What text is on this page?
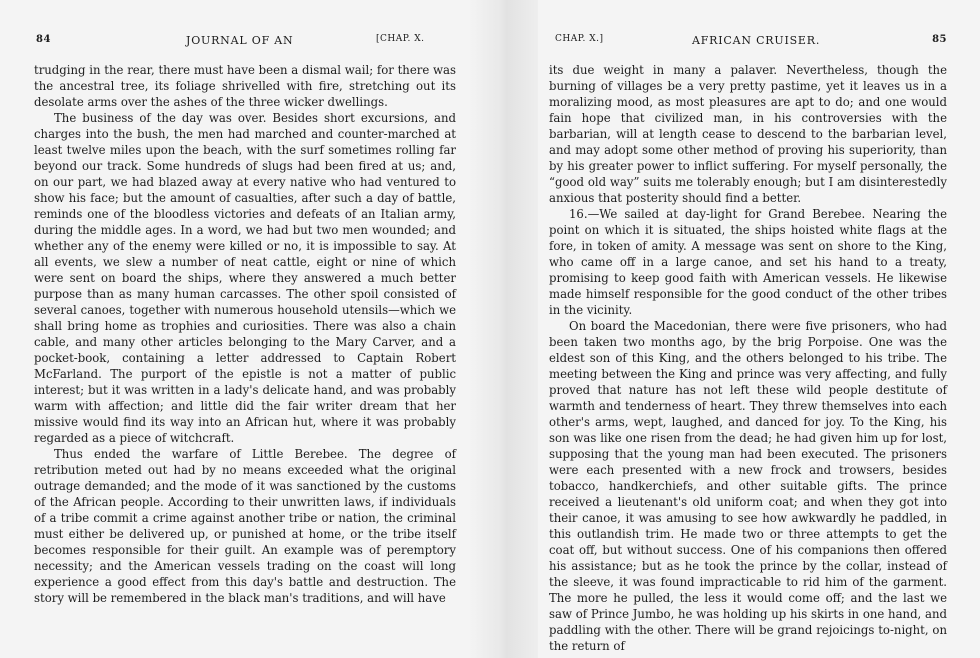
84	JOURNAL OF AN	[CHAP. X.

trudging in the rear, there must have been a dismal wail; for there was the ancestral tree, its foliage shrivelled with fire, stretching out its desolate arms over the ashes of the three wicker dwellings.

The business of the day was over. Besides short excursions, and charges into the bush, the men had marched and counter-marched at least twelve miles upon the beach, with the surf sometimes rolling far beyond our track. Some hundreds of slugs had been fired at us; and, on our part, we had blazed away at every native who had ventured to show his face; but the amount of casualties, after such a day of battle, reminds one of the bloodless victories and defeats of an Italian army, during the middle ages. In a word, we had but two men wounded; and whether any of the enemy were killed or no, it is impossible to say. At all events, we slew a number of neat cattle, eight or nine of which were sent on board the ships, where they answered a much better purpose than as many human carcasses. The other spoil consisted of several canoes, together with numerous household utensils—which we shall bring home as trophies and curiosities. There was also a chain cable, and many other articles belonging to the Mary Carver, and a pocket-book, containing a letter addressed to Captain Robert McFarland. The purport of the epistle is not a matter of public interest; but it was written in a lady's delicate hand, and was probably warm with affection; and little did the fair writer dream that her missive would find its way into an African hut, where it was probably regarded as a piece of witchcraft.

Thus ended the warfare of Little Berebee. The degree of retribution meted out had by no means exceeded what the original outrage demanded; and the mode of it was sanctioned by the customs of the African people. According to their unwritten laws, if individuals of a tribe commit a crime against another tribe or nation, the criminal must either be delivered up, or punished at home, or the tribe itself becomes responsible for their guilt. An example was of peremptory necessity; and the American vessels trading on the coast will long experience a good effect from this day's battle and destruction. The story will be remembered in the black man's traditions, and will have

CHAP. X.]	AFRICAN CRUISER.	85

its due weight in many a palaver. Nevertheless, though the burning of villages be a very pretty pastime, yet it leaves us in a moralizing mood, as most pleasures are apt to do; and one would fain hope that civilized man, in his controversies with the barbarian, will at length cease to descend to the barbarian level, and may adopt some other method of proving his superiority, than by his greater power to inflict suffering. For myself personally, the “good old way” suits me tolerably enough; but I am disinterestedly anxious that posterity should find a better.

16.—We sailed at day-light for Grand Berebee. Nearing the point on which it is situated, the ships hoisted white flags at the fore, in token of amity. A message was sent on shore to the King, who came off in a large canoe, and set his hand to a treaty, promising to keep good faith with American vessels. He likewise made himself responsible for the good conduct of the other tribes in the vicinity.

On board the Macedonian, there were five prisoners, who had been taken two months ago, by the brig Porpoise. One was the eldest son of this King, and the others belonged to his tribe. The meeting between the King and prince was very affecting, and fully proved that nature has not left these wild people destitute of warmth and tenderness of heart. They threw themselves into each other's arms, wept, laughed, and danced for joy. To the King, his son was like one risen from the dead; he had given him up for lost, supposing that the young man had been executed. The prisoners were each presented with a new frock and trowsers, besides tobacco, handkerchiefs, and other suitable gifts. The prince received a lieutenant's old uniform coat; and when they got into their canoe, it was amusing to see how awkwardly he paddled, in this outlandish trim. He made two or three attempts to get the coat off, but without success. One of his companions then offered his assistance; but as he took the prince by the collar, instead of the sleeve, it was found impracticable to rid him of the garment. The more he pulled, the less it would come off; and the last we saw of Prince Jumbo, he was holding up his skirts in one hand, and paddling with the other. There will be grand rejoicings to-night, on the return of
